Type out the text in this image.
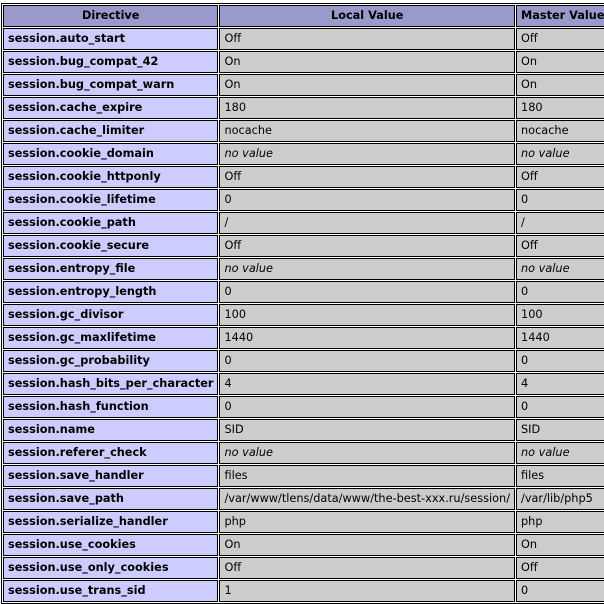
Directive	Local Value	Master Value
session.auto_start	Off	Off
session.bug_compat_42	On	On
session.bug_compat_warn	On	On
session.cache_expire	180	180
session.cache_limiter	nocache	nocache
session.cookie_domain	no value	no value
session.cookie_httponly	Off	Off
session.cookie_lifetime	0	0
session.cookie_path	/	/
session.cookie_secure	Off	Off
session.entropy_file	no value	no value
session.entropy_length	0	0
session.gc_divisor	100	100
session.gc_maxlifetime	1440	1440
session.gc_probability	0	0
session.hash_bits_per_character	4	4
session.hash_function	0	0
session.name	SID	SID
session.referer_check	no value	no value
session.save_handler	files	files
session.save_path	/var/www/tlens/data/www/the-best-xxx.ru/session/	/var/lib/php5
session.serialize_handler	php	php
session.use_cookies	On	On
session.use_only_cookies	Off	Off
session.use_trans_sid	1	0
